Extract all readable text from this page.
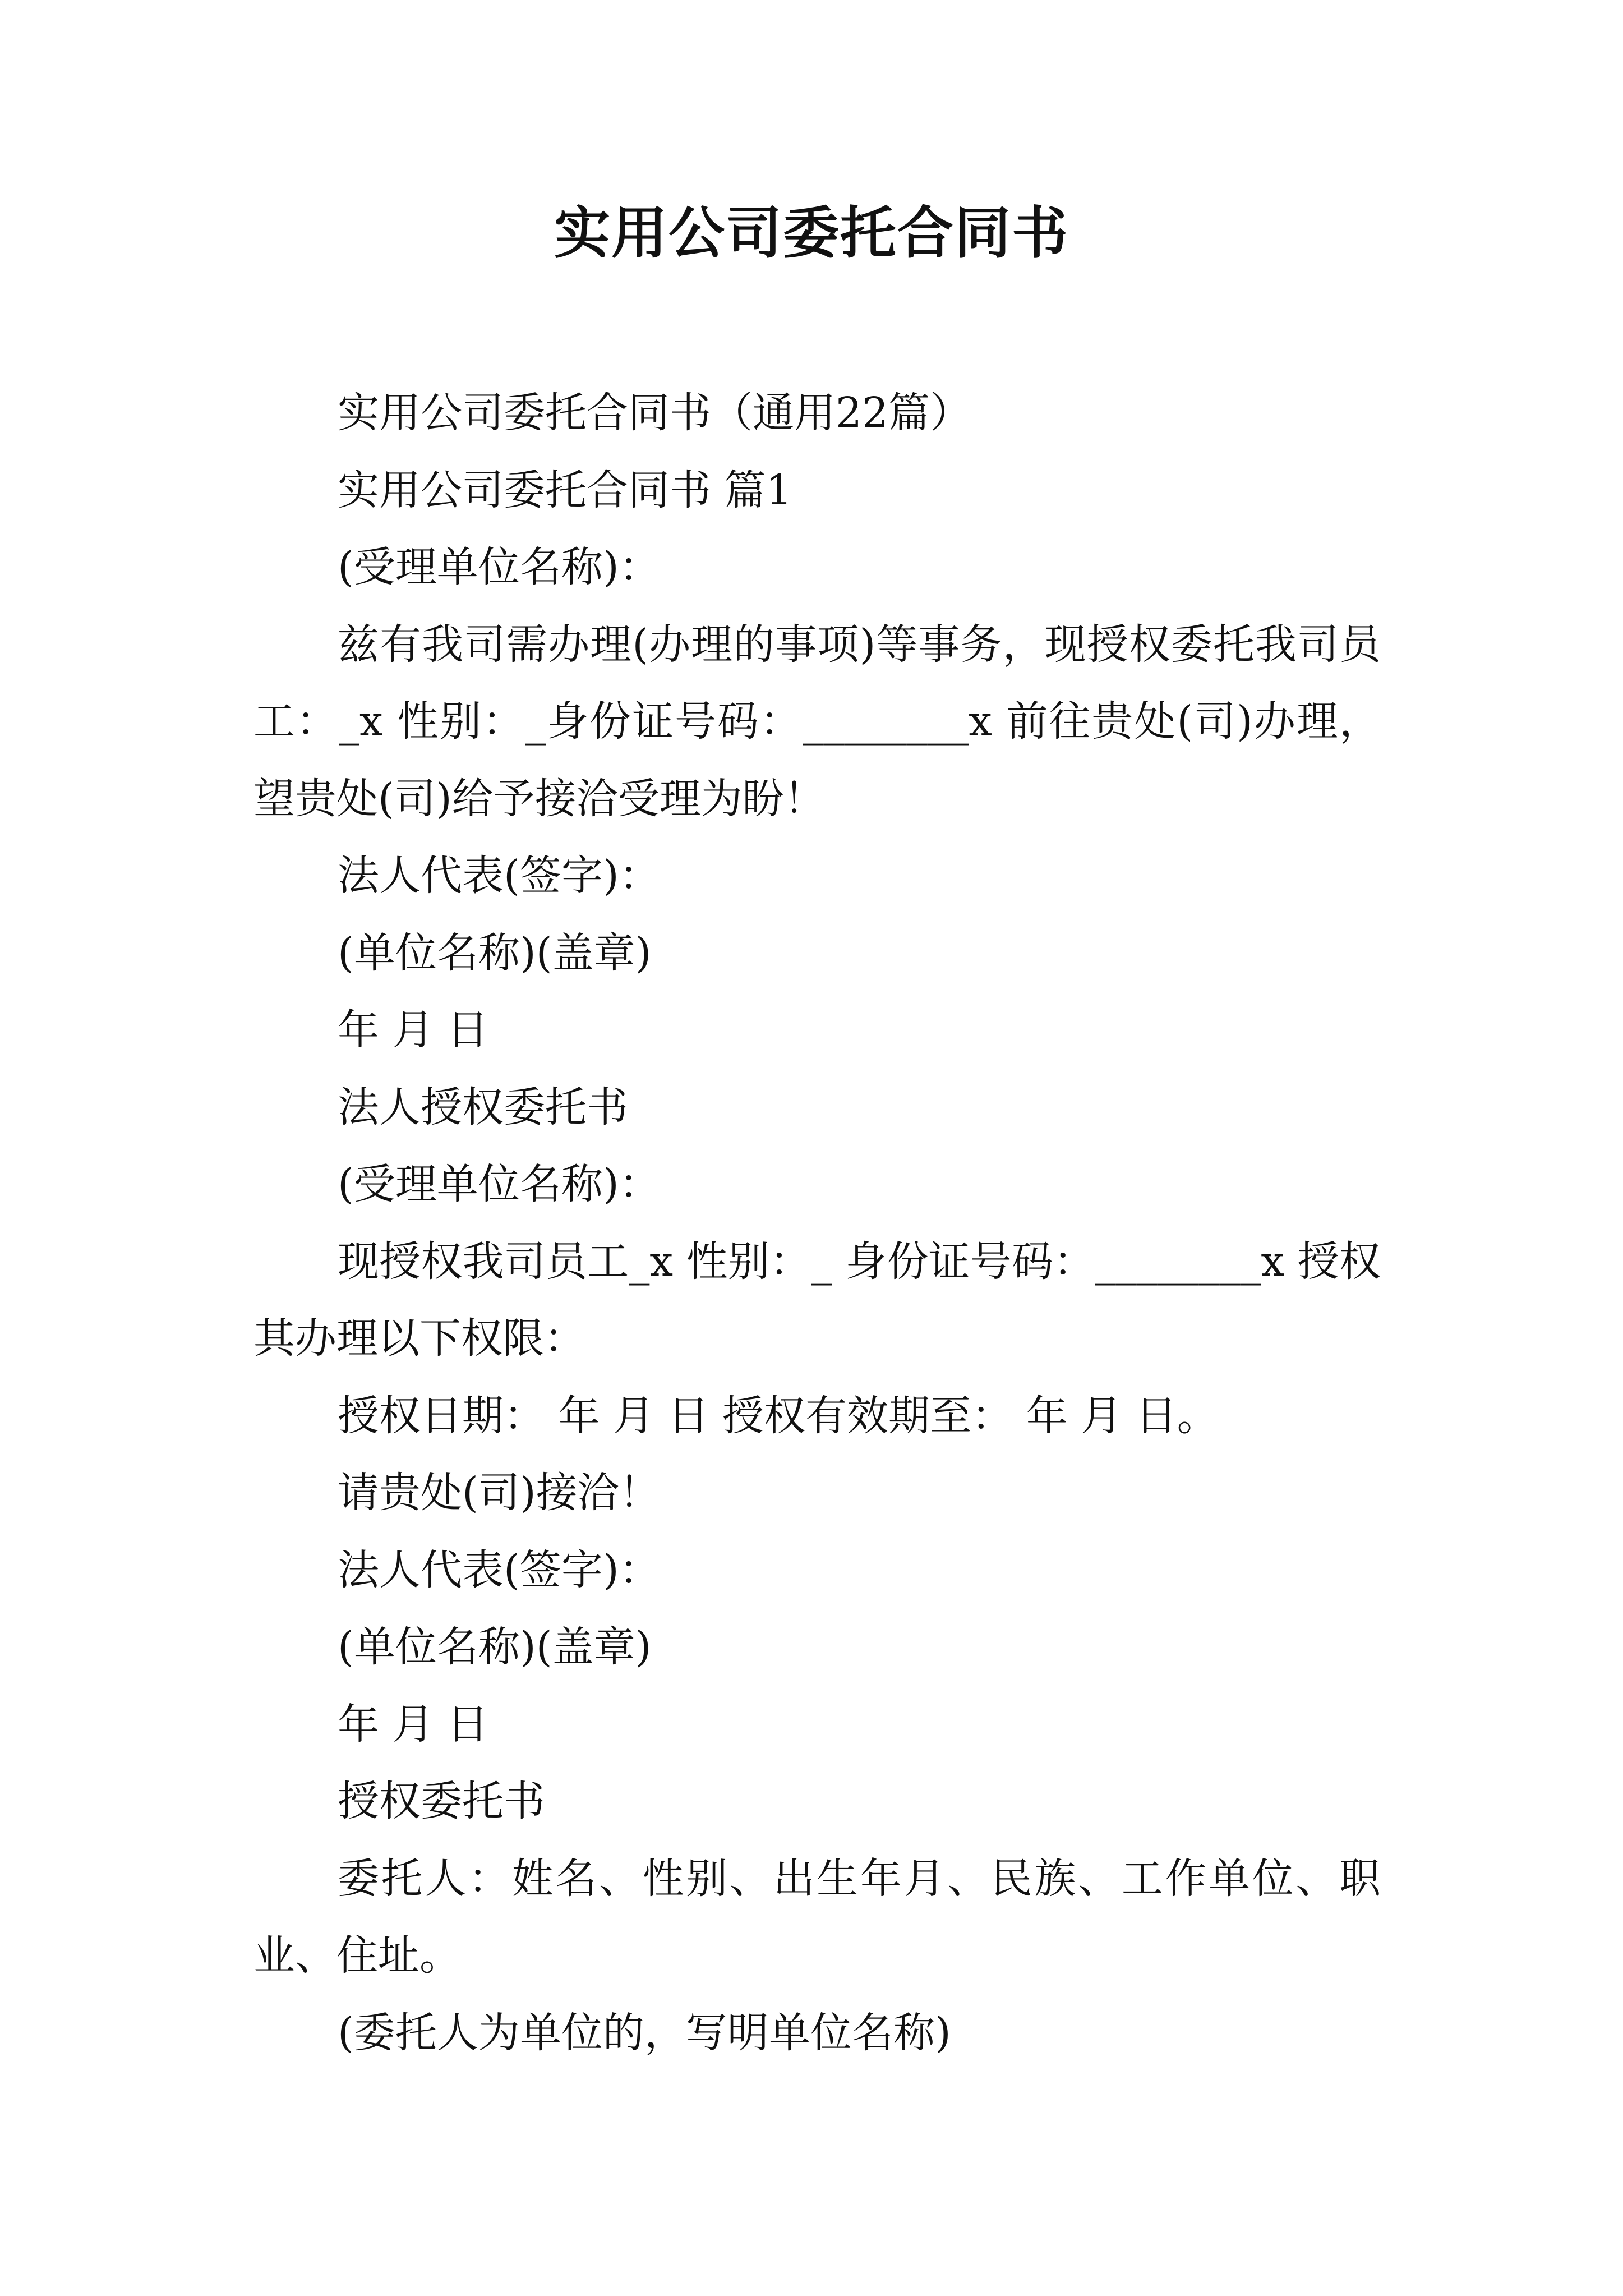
实用公司委托合同书

实用公司委托合同书（通用22篇）

实用公司委托合同书 篇1

(受理单位名称)：

兹有我司需办理(办理的事项)等事务，现授权委托我司员工：_x 性别：_身份证号码：________x 前往贵处(司)办理，望贵处(司)给予接洽受理为盼！

法人代表(签字)：

(单位名称)(盖章)

年 月 日

法人授权委托书

(受理单位名称)：

现授权我司员工_x 性别：_ 身份证号码：________x 授权其办理以下权限：

授权日期： 年 月 日 授权有效期至： 年 月 日。

请贵处(司)接洽！

法人代表(签字)：

(单位名称)(盖章)

年 月 日

授权委托书

委托人：姓名、性别、出生年月、民族、工作单位、职业、住址。

(委托人为单位的，写明单位名称)
